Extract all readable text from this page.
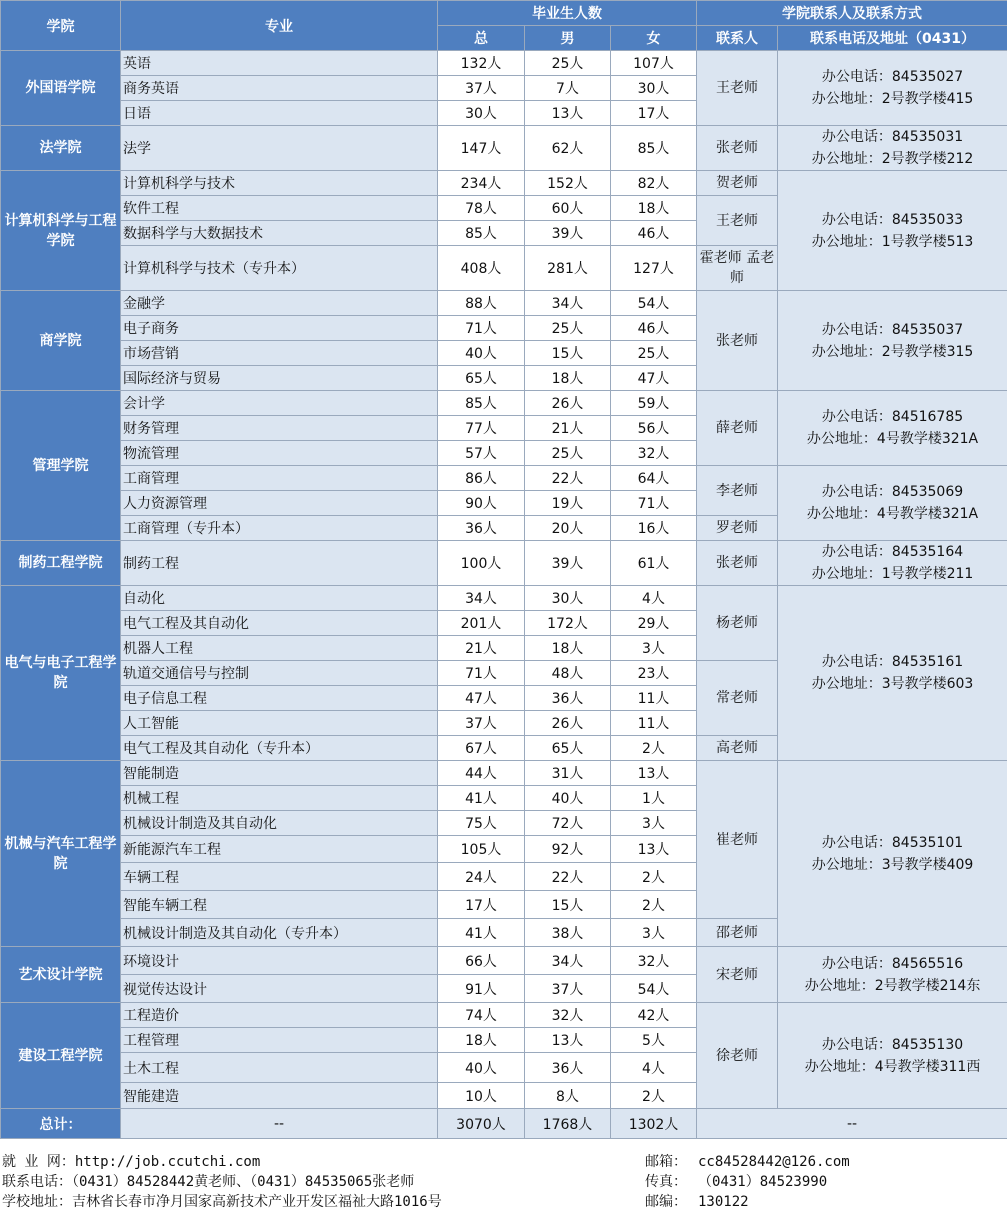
学院	专业	毕业生人数			学院联系人及联系方式	
		总	男	女	联系人	联系电话及地址（0431）
外国语学院	英语	132人	25人	107人	王老师	办公电话：84535027
办公地址：2号教学楼415

	商务英语	37人	7人	30人		
	日语	30人	13人	17人		
法学院	法学	147人	62人	85人	张老师	办公电话：84535031
办公地址：2号教学楼212

计算机科学与工程学院	计算机科学与技术	234人	152人	82人	贺老师	办公电话：84535033
办公地址：1号教学楼513

	软件工程	78人	60人	18人	王老师	
	数据科学与大数据技术	85人	39人	46人		
	计算机科学与技术（专升本）	408人	281人	127人	霍老师 孟老师	
商学院	金融学	88人	34人	54人	张老师	办公电话：84535037
办公地址：2号教学楼315

	电子商务	71人	25人	46人		
	市场营销	40人	15人	25人		
	国际经济与贸易	65人	18人	47人		
管理学院	会计学	85人	26人	59人	薛老师	办公电话：84516785
办公地址：4号教学楼321A

	财务管理	77人	21人	56人		
	物流管理	57人	25人	32人		
	工商管理	86人	22人	64人	李老师	办公电话：84535069
办公地址：4号教学楼321A

	人力资源管理	90人	19人	71人		
	工商管理（专升本）	36人	20人	16人	罗老师	
制药工程学院	制药工程	100人	39人	61人	张老师	办公电话：84535164
办公地址：1号教学楼211

电气与电子工程学院	自动化	34人	30人	4人	杨老师	办公电话：84535161
办公地址：3号教学楼603

	电气工程及其自动化	201人	172人	29人		
	机器人工程	21人	18人	3人		
	轨道交通信号与控制	71人	48人	23人	常老师	
	电子信息工程	47人	36人	11人		
	人工智能	37人	26人	11人		
	电气工程及其自动化（专升本）	67人	65人	2人	高老师	
机械与汽车工程学院	智能制造	44人	31人	13人	崔老师	办公电话：84535101
办公地址：3号教学楼409

	机械工程	41人	40人	1人		
	机械设计制造及其自动化	75人	72人	3人		
	新能源汽车工程	105人	92人	13人		
	车辆工程	24人	22人	2人		
	智能车辆工程	17人	15人	2人		
	机械设计制造及其自动化（专升本）	41人	38人	3人	邵老师	
艺术设计学院	环境设计	66人	34人	32人	宋老师	办公电话：84565516
办公地址：2号教学楼214东

	视觉传达设计	91人	37人	54人		
建设工程学院	工程造价	74人	32人	42人	徐老师	办公电话：84535130
办公地址：4号教学楼311西

	工程管理	18人	13人	5人		
	土木工程	40人	36人	4人		
	智能建造	10人	8人	2人		
总计：	--	3070人	1768人	1302人	--	
就 业 网：http://job.ccutchi.com
联系电话：（0431）84528442黄老师、（0431）84535065张老师
学校地址：吉林省长春市净月国家高新技术产业开发区福祉大路1016号
邮箱： cc84528442@126.com
传真： （0431）84523990
邮编： 130122
